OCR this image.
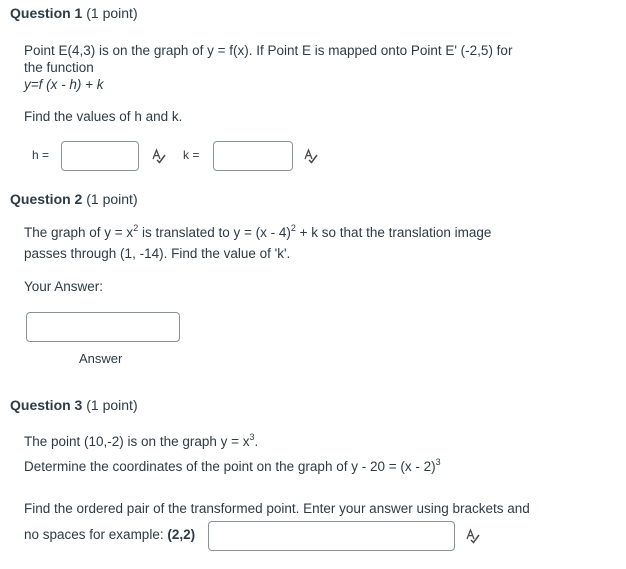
Question 1 (1 point)
Point E(4,3) is on the graph of y = f(x). If Point E is mapped onto Point E' (-2,5) for
the function
y=f (x - h) + k
Find the values of h and k.
h =	k =
Question 2 (1 point)
The graph of $y = x^2$ is translated to y = (x - 4)$^2$ + k so that the translation image
passes through (1, -14). Find the value of 'k'.
Your Answer:
Answer
Question 3 (1 point)
The point (10,-2) is on the graph $y = x^3$.
Determine the coordinates of the point on the graph of y - 20 = (x - 2)$^3$
Find the ordered pair of the transformed point. Enter your answer using brackets and
no spaces for example: (2,2)
